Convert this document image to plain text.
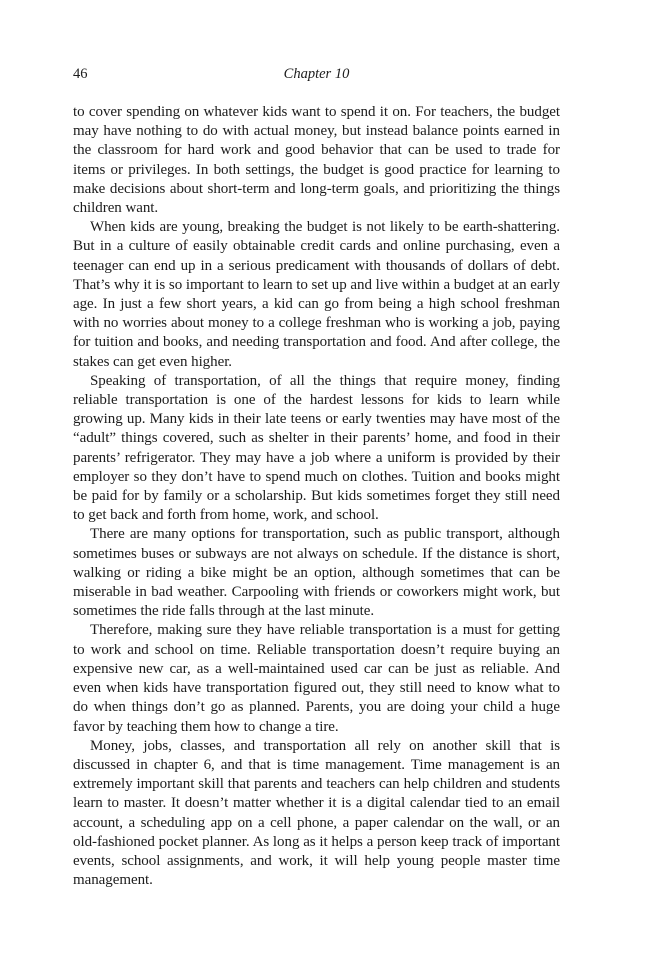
46	Chapter 10

to cover spending on whatever kids want to spend it on. For teachers, the budget may have nothing to do with actual money, but instead balance points earned in the classroom for hard work and good behavior that can be used to trade for items or privileges. In both settings, the budget is good practice for learning to make decisions about short-term and long-term goals, and prioritizing the things children want.

When kids are young, breaking the budget is not likely to be earth-shattering. But in a culture of easily obtainable credit cards and online purchasing, even a teenager can end up in a serious predicament with thousands of dollars of debt. That’s why it is so important to learn to set up and live within a budget at an early age. In just a few short years, a kid can go from being a high school freshman with no worries about money to a college freshman who is working a job, paying for tuition and books, and needing transportation and food. And after college, the stakes can get even higher.

Speaking of transportation, of all the things that require money, finding reliable transportation is one of the hardest lessons for kids to learn while growing up. Many kids in their late teens or early twenties may have most of the “adult” things covered, such as shelter in their parents’ home, and food in their parents’ refrigerator. They may have a job where a uniform is provided by their employer so they don’t have to spend much on clothes. Tuition and books might be paid for by family or a scholarship. But kids sometimes forget they still need to get back and forth from home, work, and school.

There are many options for transportation, such as public transport, although sometimes buses or subways are not always on schedule. If the distance is short, walking or riding a bike might be an option, although sometimes that can be miserable in bad weather. Carpooling with friends or coworkers might work, but sometimes the ride falls through at the last minute.

Therefore, making sure they have reliable transportation is a must for getting to work and school on time. Reliable transportation doesn’t require buying an expensive new car, as a well-maintained used car can be just as reliable. And even when kids have transportation figured out, they still need to know what to do when things don’t go as planned. Parents, you are doing your child a huge favor by teaching them how to change a tire.

Money, jobs, classes, and transportation all rely on another skill that is discussed in chapter 6, and that is time management. Time management is an extremely important skill that parents and teachers can help children and students learn to master. It doesn’t matter whether it is a digital calendar tied to an email account, a scheduling app on a cell phone, a paper calendar on the wall, or an old-fashioned pocket planner. As long as it helps a person keep track of important events, school assignments, and work, it will help young people master time management.
